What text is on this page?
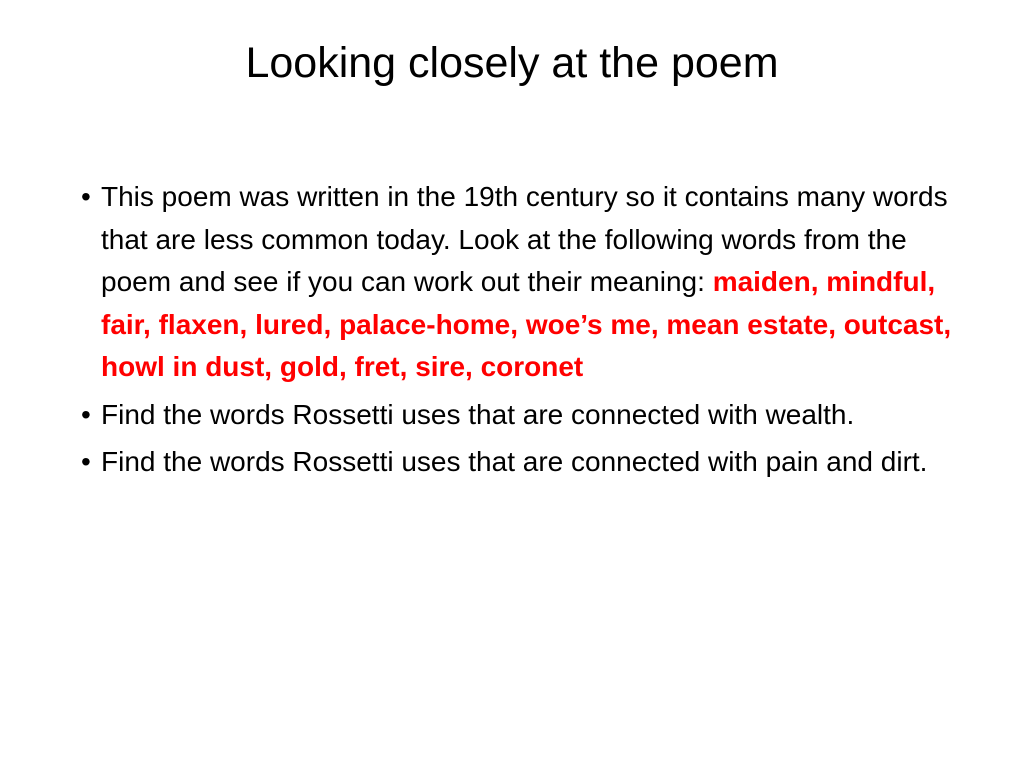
Looking closely at the poem
• This poem was written in the 19th century so it contains many words that are less common today. Look at the following words from the poem and see if you can work out their meaning: maiden, mindful, fair, flaxen, lured, palace-home, woe’s me, mean estate, outcast, howl in dust, gold, fret, sire, coronet
• Find the words Rossetti uses that are connected with wealth.
• Find the words Rossetti uses that are connected with pain and dirt.
